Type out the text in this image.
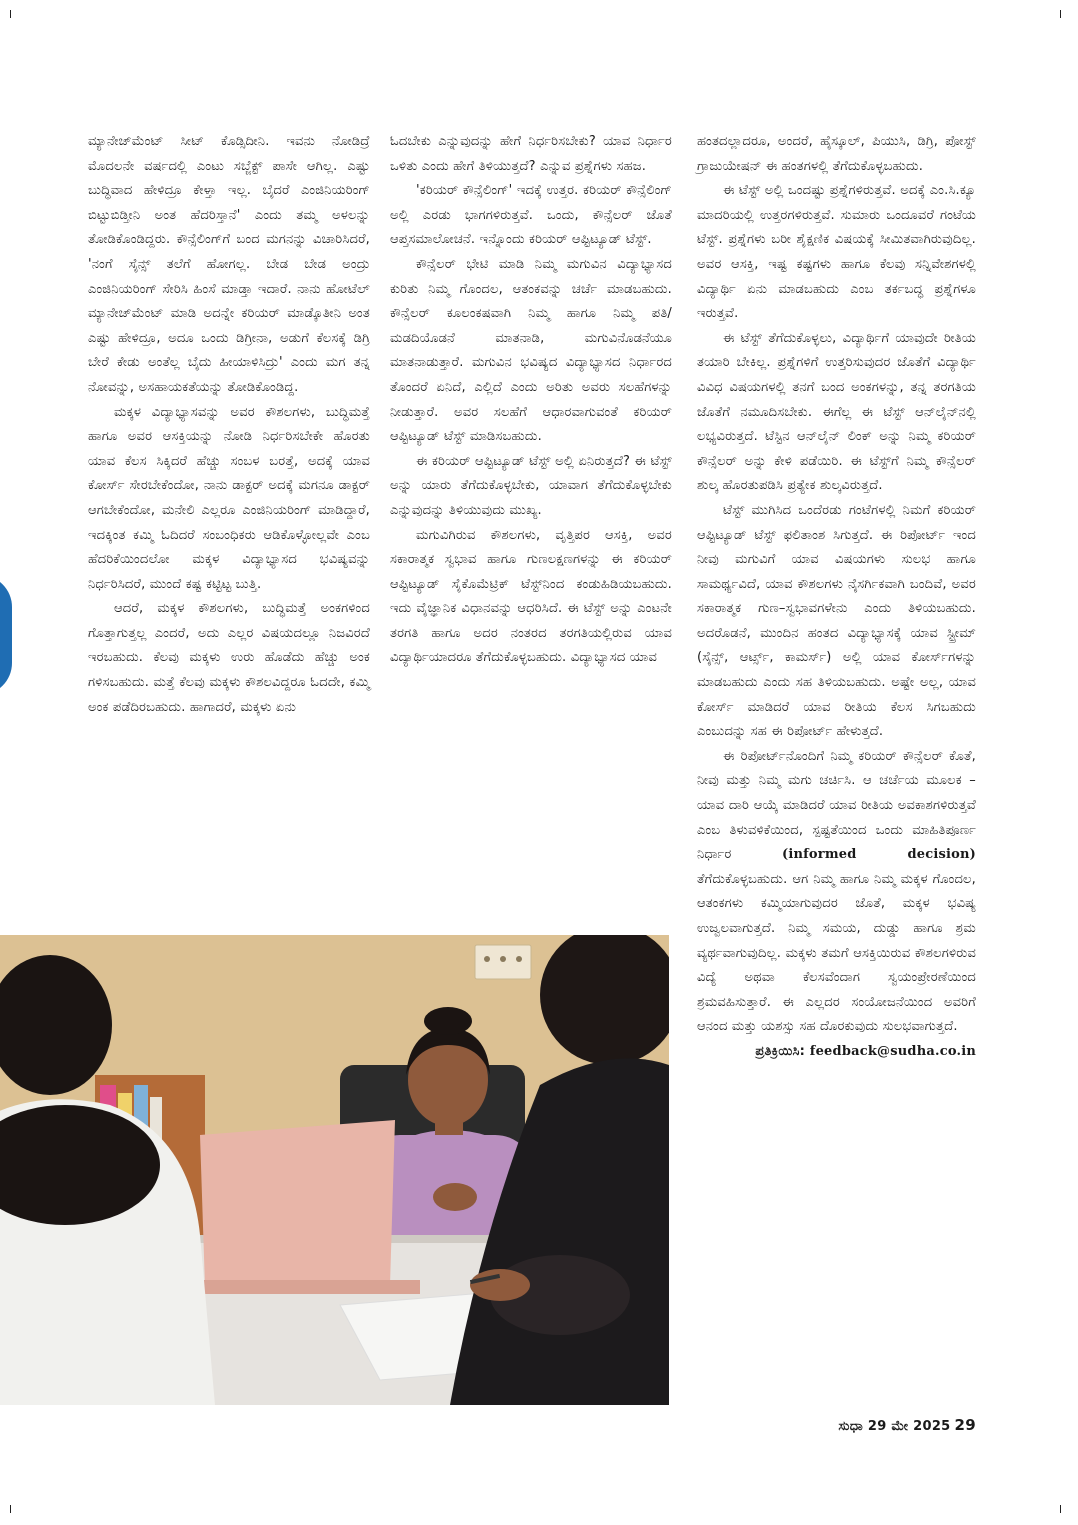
ಮ್ಯಾನೇಜ್‌ಮೆಂಟ್ ಸೀಟ್ ಕೊಡ್ಸಿದೀನಿ. ಇವನು ನೋಡಿದ್ರೆ ಮೊದಲನೇ ವರ್ಷದಲ್ಲಿ ಎಂಟು ಸಬ್ಜೆಕ್ಟ್ ಪಾಸೇ ಆಗಿಲ್ಲ. ಎಷ್ಟು ಬುದ್ಧಿವಾದ ಹೇಳಿದ್ರೂ ಕೇಳ್ತಾ ಇಲ್ಲ. ಬೈದರೆ ಎಂಜಿನಿಯರಿಂಗ್ ಬಿಟ್ಟುಬಿಡ್ತೀನಿ ಅಂತ ಹೆದರಿಸ್ತಾನೆ' ಎಂದು ತಮ್ಮ ಅಳಲನ್ನು ತೋಡಿಕೊಂಡಿದ್ದರು. ಕೌನ್ಸೆಲಿಂಗ್‌ಗೆ ಬಂದ ಮಗನನ್ನು ವಿಚಾರಿಸಿದರೆ, 'ನಂಗೆ ಸೈನ್ಸ್ ತಲೆಗೆ ಹೋಗಲ್ಲ. ಬೇಡ ಬೇಡ ಅಂದ್ರು ಎಂಜಿನಿಯರಿಂಗ್ ಸೇರಿಸಿ ಹಿಂಸೆ ಮಾಡ್ತಾ ಇದಾರೆ. ನಾನು ಹೋಟೆಲ್ ಮ್ಯಾನೇಜ್‌ಮೆಂಟ್ ಮಾಡಿ ಅದನ್ನೇ ಕರಿಯರ್ ಮಾಡ್ಕೊತೀನಿ ಅಂತ ಎಷ್ಟು ಹೇಳಿದ್ರೂ, ಅದೂ ಒಂದು ಡಿಗ್ರೀನಾ, ಅಡುಗೆ ಕೆಲಸಕ್ಕೆ ಡಿಗ್ರಿ ಬೇರೆ ಕೇಡು ಅಂತೆಲ್ಲ ಬೈದು ಹೀಯಾಳಿಸಿದ್ರು' ಎಂದು ಮಗ ತನ್ನ ನೋವನ್ನು, ಅಸಹಾಯಕತೆಯನ್ನು ತೋಡಿಕೊಂಡಿದ್ದ.

ಮಕ್ಕಳ ವಿದ್ಯಾಭ್ಯಾಸವನ್ನು ಅವರ ಕೌಶಲಗಳು, ಬುದ್ಧಿಮತ್ತೆ ಹಾಗೂ ಅವರ ಆಸಕ್ತಿಯನ್ನು ನೋಡಿ ನಿರ್ಧರಿಸಬೇಕೇ ಹೊರತು ಯಾವ ಕೆಲಸ ಸಿಕ್ಕಿದರೆ ಹೆಚ್ಚು ಸಂಬಳ ಬರತ್ತೆ, ಅದಕ್ಕೆ ಯಾವ ಕೋರ್ಸ್ ಸೇರಬೇಕೆಂದೋ, ನಾನು ಡಾಕ್ಟರ್ ಅದಕ್ಕೆ ಮಗನೂ ಡಾಕ್ಟರ್ ಆಗಬೇಕೆಂದೋ, ಮನೇಲಿ ಎಲ್ಲರೂ ಎಂಜಿನಿಯರಿಂಗ್ ಮಾಡಿದ್ದಾರೆ, ಇದಕ್ಕಿಂತ ಕಮ್ಮಿ ಓದಿದರೆ ಸಂಬಂಧಿಕರು ಆಡಿಕೊಳ್ಳೋಲ್ಲವೇ ಎಂಬ ಹೆದರಿಕೆಯಿಂದಲೋ ಮಕ್ಕಳ ವಿದ್ಯಾಭ್ಯಾಸದ ಭವಿಷ್ಯವನ್ನು ನಿರ್ಧರಿಸಿದರೆ, ಮುಂದೆ ಕಷ್ಟ ಕಟ್ಟಿಟ್ಟ ಬುತ್ತಿ.

ಆದರೆ, ಮಕ್ಕಳ ಕೌಶಲಗಳು, ಬುದ್ಧಿಮತ್ತೆ ಅಂಕಗಳಿಂದ ಗೊತ್ತಾಗುತ್ತಲ್ಲ ಎಂದರೆ, ಅದು ಎಲ್ಲರ ವಿಷಯದಲ್ಲೂ ನಿಜವಿರದೆ ಇರಬಹುದು. ಕೆಲವು ಮಕ್ಕಳು ಉರು ಹೊಡೆದು ಹೆಚ್ಚು ಅಂಕ ಗಳಿಸಬಹುದು. ಮತ್ತೆ ಕೆಲವು ಮಕ್ಕಳು ಕೌಶಲವಿದ್ದರೂ ಓದದೇ, ಕಮ್ಮಿ ಅಂಕ ಪಡೆದಿರಬಹುದು. ಹಾಗಾದರೆ, ಮಕ್ಕಳು ಏನು

ಓದಬೇಕು ಎನ್ನುವುದನ್ನು ಹೇಗೆ ನಿರ್ಧರಿಸಬೇಕು? ಯಾವ ನಿರ್ಧಾರ ಒಳಿತು ಎಂದು ಹೇಗೆ ತಿಳಿಯುತ್ತದೆ? ಎನ್ನುವ ಪ್ರಶ್ನೆಗಳು ಸಹಜ.

'ಕರಿಯರ್ ಕೌನ್ಸೆಲಿಂಗ್' ಇದಕ್ಕೆ ಉತ್ತರ. ಕರಿಯರ್ ಕೌನ್ಸೆಲಿಂಗ್ ಅಲ್ಲಿ ಎರಡು ಭಾಗಗಳಿರುತ್ತವೆ. ಒಂದು, ಕೌನ್ಸೆಲರ್ ಜೊತೆ ಆಪ್ತಸಮಾಲೋಚನೆ. ಇನ್ನೊಂದು ಕರಿಯರ್ ಆಪ್ಟಿಟ್ಯೂಡ್ ಟೆಸ್ಟ್.

ಕೌನ್ಸೆಲರ್ ಭೇಟಿ ಮಾಡಿ ನಿಮ್ಮ ಮಗುವಿನ ವಿದ್ಯಾಭ್ಯಾಸದ ಕುರಿತು ನಿಮ್ಮ ಗೊಂದಲ, ಆತಂಕವನ್ನು ಚರ್ಚೆ ಮಾಡಬಹುದು. ಕೌನ್ಸೆಲರ್ ಕೂಲಂಕಷವಾಗಿ ನಿಮ್ಮ ಹಾಗೂ ನಿಮ್ಮ ಪತಿ/ಮಡದಿಯೊಡನೆ ಮಾತನಾಡಿ, ಮಗುವಿನೊಡನೆಯೂ ಮಾತನಾಡುತ್ತಾರೆ. ಮಗುವಿನ ಭವಿಷ್ಯದ ವಿದ್ಯಾಭ್ಯಾಸದ ನಿರ್ಧಾರದ ತೊಂದರೆ ಏನಿದೆ, ಎಲ್ಲಿದೆ ಎಂದು ಅರಿತು ಅವರು ಸಲಹೆಗಳನ್ನು ನೀಡುತ್ತಾರೆ. ಅವರ ಸಲಹೆಗೆ ಆಧಾರವಾಗುವಂತೆ ಕರಿಯರ್ ಆಪ್ಟಿಟ್ಯೂಡ್ ಟೆಸ್ಟ್ ಮಾಡಿಸಬಹುದು.

ಈ ಕರಿಯರ್ ಆಪ್ಟಿಟ್ಯೂಡ್ ಟೆಸ್ಟ್ ಅಲ್ಲಿ ಏನಿರುತ್ತದೆ? ಈ ಟೆಸ್ಟ್ ಅನ್ನು ಯಾರು ತೆಗೆದುಕೊಳ್ಳಬೇಕು, ಯಾವಾಗ ತೆಗೆದುಕೊಳ್ಳಬೇಕು ಎನ್ನುವುದನ್ನು ತಿಳಿಯುವುದು ಮುಖ್ಯ.

ಮಗುವಿಗಿರುವ ಕೌಶಲಗಳು, ವೃತ್ತಿಪರ ಆಸಕ್ತಿ, ಅವರ ಸಕಾರಾತ್ಮಕ ಸ್ವಭಾವ ಹಾಗೂ ಗುಣಲಕ್ಷಣಗಳನ್ನು ಈ ಕರಿಯರ್ ಆಪ್ಟಿಟ್ಯೂಡ್ ಸೈಕೊಮೆಟ್ರಿಕ್ ಟೆಸ್ಟ್‌ನಿಂದ ಕಂಡುಹಿಡಿಯಬಹುದು. ಇದು ವೈಜ್ಞಾನಿಕ ವಿಧಾನವನ್ನು ಆಧರಿಸಿದೆ. ಈ ಟೆಸ್ಟ್ ಅನ್ನು ಎಂಟನೇ ತರಗತಿ ಹಾಗೂ ಅದರ ನಂತರದ ತರಗತಿಯಲ್ಲಿರುವ ಯಾವ ವಿದ್ಯಾರ್ಥಿಯಾದರೂ ತೆಗೆದುಕೊಳ್ಳಬಹುದು. ವಿದ್ಯಾಭ್ಯಾಸದ ಯಾವ

ಹಂತದಲ್ಲಾದರೂ, ಅಂದರೆ, ಹೈಸ್ಕೂಲ್, ಪಿಯುಸಿ, ಡಿಗ್ರಿ, ಪೋಸ್ಟ್ ಗ್ರಾಜುಯೇಷನ್ ಈ ಹಂತಗಳಲ್ಲಿ ತೆಗೆದುಕೊಳ್ಳಬಹುದು.

ಈ ಟೆಸ್ಟ್ ಅಲ್ಲಿ ಒಂದಷ್ಟು ಪ್ರಶ್ನೆಗಳಿರುತ್ತವೆ. ಅದಕ್ಕೆ ಎಂ.ಸಿ.ಕ್ಯೂ ಮಾದರಿಯಲ್ಲಿ ಉತ್ತರಗಳಿರುತ್ತವೆ. ಸುಮಾರು ಒಂದೂವರೆ ಗಂಟೆಯ ಟೆಸ್ಟ್. ಪ್ರಶ್ನೆಗಳು ಬರೀ ಶೈಕ್ಷಣಿಕ ವಿಷಯಕ್ಕೆ ಸೀಮಿತವಾಗಿರುವುದಿಲ್ಲ. ಅವರ ಆಸಕ್ತಿ, ಇಷ್ಟ ಕಷ್ಟಗಳು ಹಾಗೂ ಕೆಲವು ಸನ್ನಿವೇಶಗಳಲ್ಲಿ ವಿದ್ಯಾರ್ಥಿ ಏನು ಮಾಡಬಹುದು ಎಂಬ ತರ್ಕಬದ್ಧ ಪ್ರಶ್ನೆಗಳೂ ಇರುತ್ತವೆ.

ಈ ಟೆಸ್ಟ್ ತೆಗೆದುಕೊಳ್ಳಲು, ವಿದ್ಯಾರ್ಥಿಗೆ ಯಾವುದೇ ರೀತಿಯ ತಯಾರಿ ಬೇಕಿಲ್ಲ. ಪ್ರಶ್ನೆಗಳಿಗೆ ಉತ್ತರಿಸುವುದರ ಜೊತೆಗೆ ವಿದ್ಯಾರ್ಥಿ ವಿವಿಧ ವಿಷಯಗಳಲ್ಲಿ ತನಗೆ ಬಂದ ಅಂಕಗಳನ್ನು, ತನ್ನ ತರಗತಿಯ ಜೊತೆಗೆ ನಮೂದಿಸಬೇಕು. ಈಗೆಲ್ಲ ಈ ಟೆಸ್ಟ್ ಆನ್‌ಲೈನ್‌ನಲ್ಲಿ ಲಭ್ಯವಿರುತ್ತದೆ. ಟೆಸ್ಟಿನ ಆನ್‌ಲೈನ್ ಲಿಂಕ್ ಅನ್ನು ನಿಮ್ಮ ಕರಿಯರ್ ಕೌನ್ಸೆಲರ್ ಅನ್ನು ಕೇಳಿ ಪಡೆಯಿರಿ. ಈ ಟೆಸ್ಟ್‌ಗೆ ನಿಮ್ಮ ಕೌನ್ಸೆಲರ್ ಶುಲ್ಕ ಹೊರತುಪಡಿಸಿ ಪ್ರತ್ಯೇಕ ಶುಲ್ಕವಿರುತ್ತದೆ.

ಟೆಸ್ಟ್ ಮುಗಿಸಿದ ಒಂದೆರಡು ಗಂಟೆಗಳಲ್ಲಿ ನಿಮಗೆ ಕರಿಯರ್ ಆಪ್ಟಿಟ್ಯೂಡ್ ಟೆಸ್ಟ್ ಫಲಿತಾಂಶ ಸಿಗುತ್ತದೆ. ಈ ರಿಪೋರ್ಟ್ ಇಂದ ನೀವು ಮಗುವಿಗೆ ಯಾವ ವಿಷಯಗಳು ಸುಲಭ ಹಾಗೂ ಸಾಮರ್ಥ್ಯವಿದೆ, ಯಾವ ಕೌಶಲಗಳು ನೈಸರ್ಗಿಕವಾಗಿ ಬಂದಿವೆ, ಅವರ ಸಕಾರಾತ್ಮಕ ಗುಣ–ಸ್ವಭಾವಗಳೇನು ಎಂದು ತಿಳಿಯಬಹುದು. ಅದರೊಡನೆ, ಮುಂದಿನ ಹಂತದ ವಿದ್ಯಾಭ್ಯಾಸಕ್ಕೆ ಯಾವ ಸ್ಟ್ರೀಮ್ (ಸೈನ್ಸ್, ಆರ್ಟ್ಸ್, ಕಾಮರ್ಸ್) ಅಲ್ಲಿ ಯಾವ ಕೋರ್ಸ್‌ಗಳನ್ನು ಮಾಡಬಹುದು ಎಂದು ಸಹ ತಿಳಿಯಬಹುದು. ಅಷ್ಟೇ ಅಲ್ಲ, ಯಾವ ಕೋರ್ಸ್ ಮಾಡಿದರೆ ಯಾವ ರೀತಿಯ ಕೆಲಸ ಸಿಗಬಹುದು ಎಂಬುದನ್ನು ಸಹ ಈ ರಿಪೋರ್ಟ್ ಹೇಳುತ್ತದೆ.

ಈ ರಿಪೋರ್ಟ್‌ನೊಂದಿಗೆ ನಿಮ್ಮ ಕರಿಯರ್ ಕೌನ್ಸೆಲರ್ ಕೊತೆ, ನೀವು ಮತ್ತು ನಿಮ್ಮ ಮಗು ಚರ್ಚಿಸಿ. ಆ ಚರ್ಚೆಯ ಮೂಲಕ – ಯಾವ ದಾರಿ ಆಯ್ಕೆ ಮಾಡಿದರೆ ಯಾವ ರೀತಿಯ ಅವಕಾಶಗಳಿರುತ್ತವೆ ಎಂಬ ತಿಳುವಳಿಕೆಯಿಂದ, ಸ್ಪಷ್ಟತೆಯಿಂದ ಒಂದು ಮಾಹಿತಿಪೂರ್ಣ ನಿರ್ಧಾರ (informed decision) ತೆಗೆದುಕೊಳ್ಳಬಹುದು. ಆಗ ನಿಮ್ಮ ಹಾಗೂ ನಿಮ್ಮ ಮಕ್ಕಳ ಗೊಂದಲ, ಆತಂಕಗಳು ಕಮ್ಮಿಯಾಗುವುದರ ಜೊತೆ, ಮಕ್ಕಳ ಭವಿಷ್ಯ ಉಜ್ವಲವಾಗುತ್ತದೆ. ನಿಮ್ಮ ಸಮಯ, ದುಡ್ಡು ಹಾಗೂ ಶ್ರಮ ವ್ಯರ್ಥವಾಗುವುದಿಲ್ಲ. ಮಕ್ಕಳು ತಮಗೆ ಆಸಕ್ತಿಯಿರುವ ಕೌಶಲಗಳಿರುವ ವಿದ್ಯೆ ಅಥವಾ ಕೆಲಸವೆಂದಾಗ ಸ್ವಯಂಪ್ರೇರಣೆಯಿಂದ ಶ್ರಮವಹಿಸುತ್ತಾರೆ. ಈ ಎಲ್ಲದರ ಸಂಯೋಜನೆಯಿಂದ ಅವರಿಗೆ ಆನಂದ ಮತ್ತು ಯಶಸ್ಸು ಸಹ ದೊರಕುವುದು ಸುಲಭವಾಗುತ್ತದೆ.

ಪ್ರತಿಕ್ರಿಯಿಸಿ: feedback@sudha.co.in

ಸುಧಾ 29 ಮೇ 2025 29
